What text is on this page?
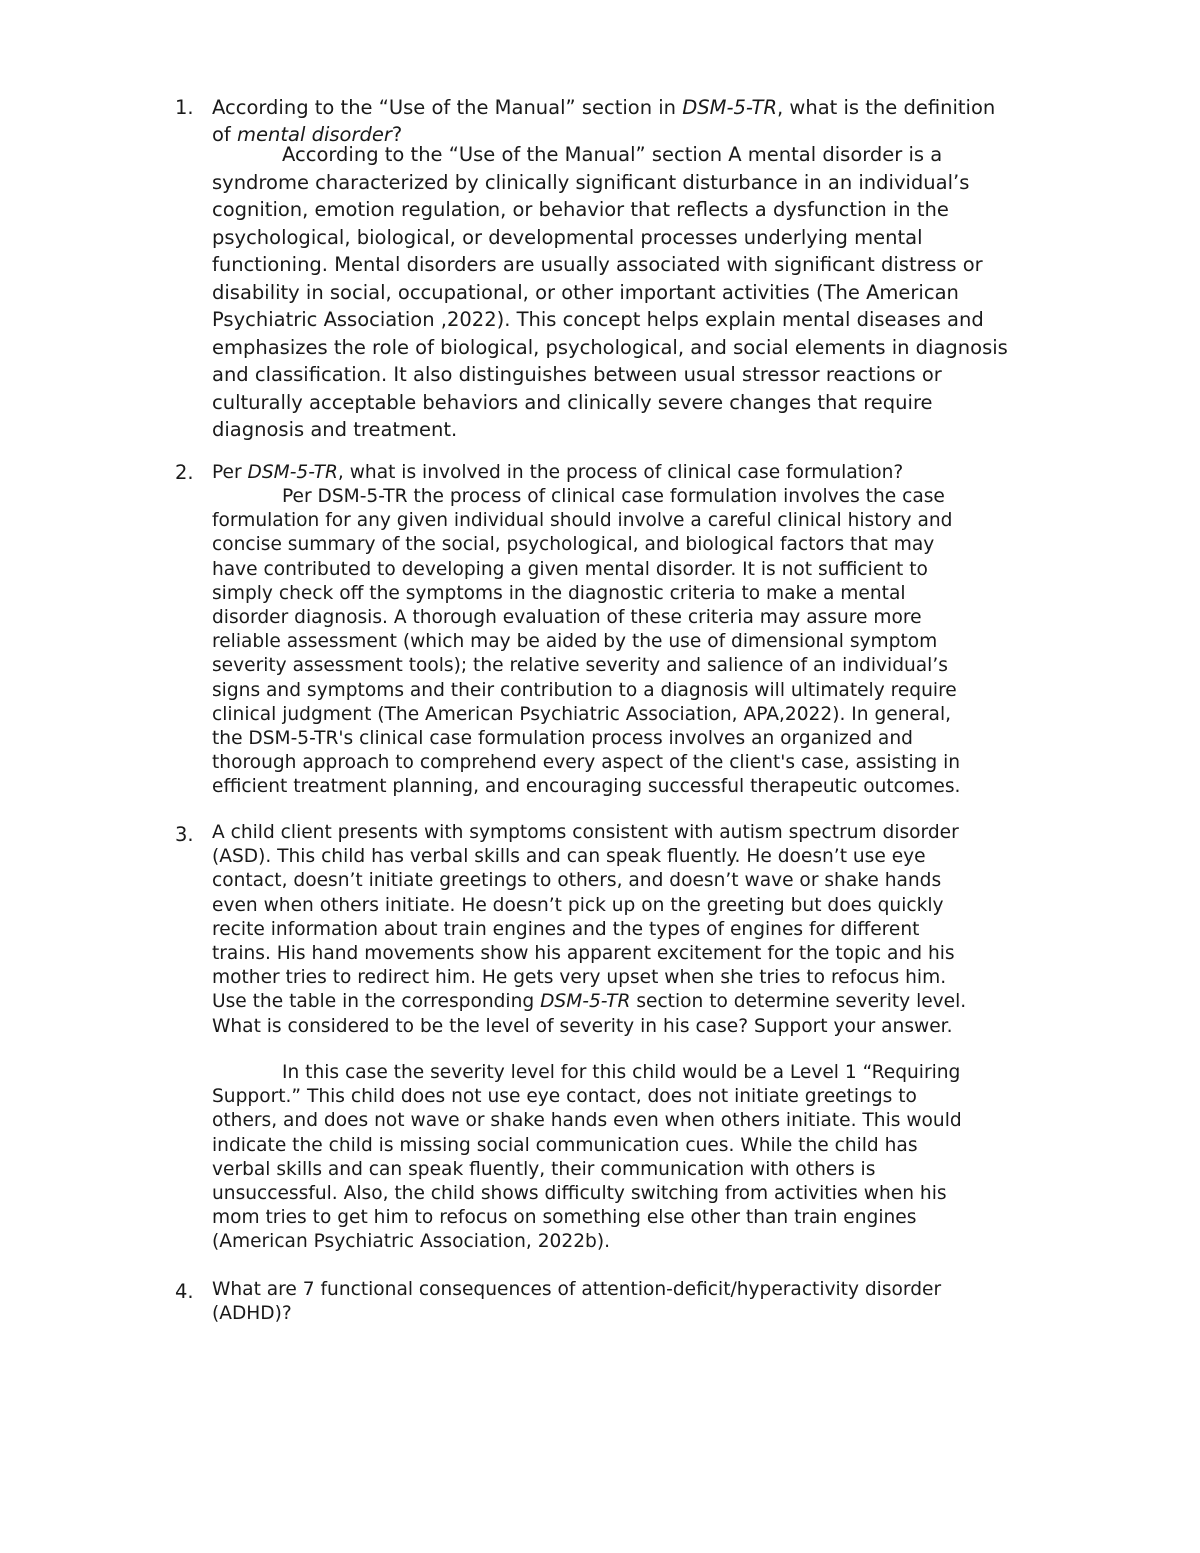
1. According to the “Use of the Manual” section in DSM-5-TR, what is the definition
of mental disorder?
According to the “Use of the Manual” section A mental disorder is a
syndrome characterized by clinically significant disturbance in an individual’s
cognition, emotion regulation, or behavior that reflects a dysfunction in the
psychological, biological, or developmental processes underlying mental
functioning. Mental disorders are usually associated with significant distress or
disability in social, occupational, or other important activities (The American
Psychiatric Association ,2022). This concept helps explain mental diseases and
emphasizes the role of biological, psychological, and social elements in diagnosis
and classification. It also distinguishes between usual stressor reactions or
culturally acceptable behaviors and clinically severe changes that require
diagnosis and treatment.
2. Per DSM-5-TR, what is involved in the process of clinical case formulation?
Per DSM-5-TR the process of clinical case formulation involves the case
formulation for any given individual should involve a careful clinical history and
concise summary of the social, psychological, and biological factors that may
have contributed to developing a given mental disorder. It is not sufficient to
simply check off the symptoms in the diagnostic criteria to make a mental
disorder diagnosis. A thorough evaluation of these criteria may assure more
reliable assessment (which may be aided by the use of dimensional symptom
severity assessment tools); the relative severity and salience of an individual’s
signs and symptoms and their contribution to a diagnosis will ultimately require
clinical judgment (The American Psychiatric Association, APA,2022). In general,
the DSM-5-TR's clinical case formulation process involves an organized and
thorough approach to comprehend every aspect of the client's case, assisting in
efficient treatment planning, and encouraging successful therapeutic outcomes.
3. A child client presents with symptoms consistent with autism spectrum disorder
(ASD). This child has verbal skills and can speak fluently. He doesn’t use eye
contact, doesn’t initiate greetings to others, and doesn’t wave or shake hands
even when others initiate. He doesn’t pick up on the greeting but does quickly
recite information about train engines and the types of engines for different
trains. His hand movements show his apparent excitement for the topic and his
mother tries to redirect him. He gets very upset when she tries to refocus him.
Use the table in the corresponding DSM-5-TR section to determine severity level.
What is considered to be the level of severity in his case? Support your answer.
In this case the severity level for this child would be a Level 1 “Requiring
Support.” This child does not use eye contact, does not initiate greetings to
others, and does not wave or shake hands even when others initiate. This would
indicate the child is missing social communication cues. While the child has
verbal skills and can speak fluently, their communication with others is
unsuccessful. Also, the child shows difficulty switching from activities when his
mom tries to get him to refocus on something else other than train engines
(American Psychiatric Association, 2022b).
4. What are 7 functional consequences of attention-deficit/hyperactivity disorder
(ADHD)?
